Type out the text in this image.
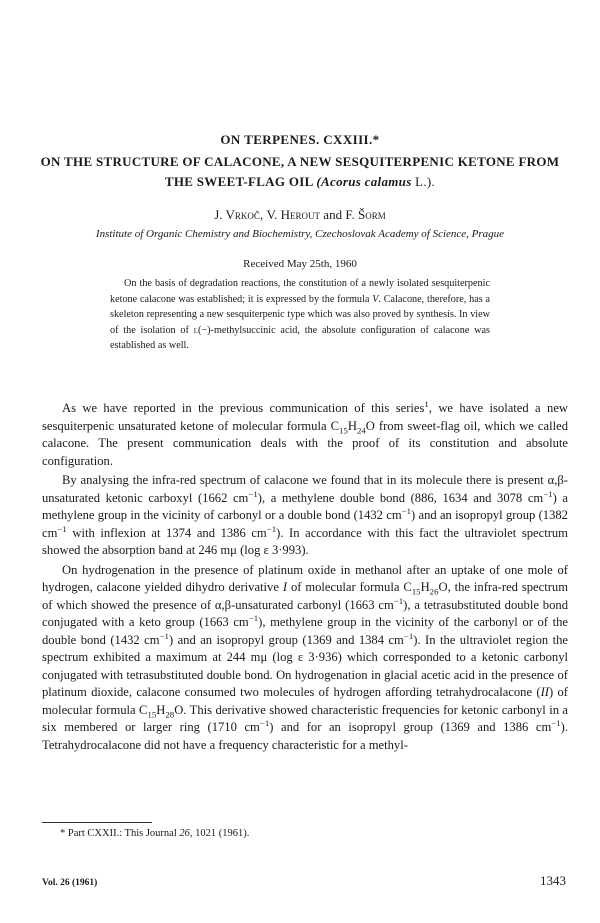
ON TERPENES. CXXIII.*
ON THE STRUCTURE OF CALACONE, A NEW SESQUITERPENIC KETONE FROM THE SWEET-FLAG OIL (Acorus calamus L.).
J. Vrkoč, V. Herout and F. Šorm
Institute of Organic Chemistry and Biochemistry, Czechoslovak Academy of Science, Prague
Received May 25th, 1960
On the basis of degradation reactions, the constitution of a newly isolated sesquiterpenic ketone calacone was established; it is expressed by the formula V. Calacone, therefore, has a skeleton representing a new sesquiterpenic type which was also proved by synthesis. In view of the isolation of l(−)-methylsuccinic acid, the absolute configuration of calacone was established as well.

As we have reported in the previous communication of this series$^1$, we have isolated a new sesquiterpenic unsaturated ketone of molecular formula $C_{15}H_{24}O$ from sweet-flag oil, which we called calacone. The present communication deals with the proof of its constitution and absolute configuration.

By analysing the infra-red spectrum of calacone we found that in its molecule there is present α,β-unsaturated ketonic carboxyl (1662 $cm^{-1}$), a methylene double bond (886, 1634 and 3078 $cm^{-1}$) a methylene group in the vicinity of carbonyl or a double bond (1432 $cm^{-1}$) and an isopropyl group (1382 $cm^{-1}$ with inflexion at 1374 and 1386 $cm^{-1}$). In accordance with this fact the ultraviolet spectrum showed the absorption band at 246 mμ (log ε 3·993).

On hydrogenation in the presence of platinum oxide in methanol after an uptake of one mole of hydrogen, calacone yielded dihydro derivative I of molecular formula $C_{15}H_{26}O$, the infra-red spectrum of which showed the presence of α,β-unsaturated carbonyl (1663 $cm^{-1}$), a tetrasubstituted double bond conjugated with a keto group (1663 $cm^{-1}$), methylene group in the vicinity of the carbonyl or of the double bond (1432 $cm^{-1}$) and an isopropyl group (1369 and 1384 $cm^{-1}$). In the ultraviolet region the spectrum exhibited a maximum at 244 mμ (log ε 3·936) which corresponded to a ketonic carbonyl conjugated with tetrasubstituted double bond. On hydrogenation in glacial acetic acid in the presence of platinum dioxide, calacone consumed two molecules of hydrogen affording tetrahydrocalacone (II) of molecular formula $C_{15}H_{28}O$. This derivative showed characteristic frequencies for ketonic carbonyl in a six membered or larger ring (1710 $cm^{-1}$) and for an isopropyl group (1369 and 1386 $cm^{-1}$). Tetrahydrocalacone did not have a frequency characteristic for a methyl-

* Part CXXII.: This Journal 26, 1021 (1961).
Vol. 26 (1961)	1343
